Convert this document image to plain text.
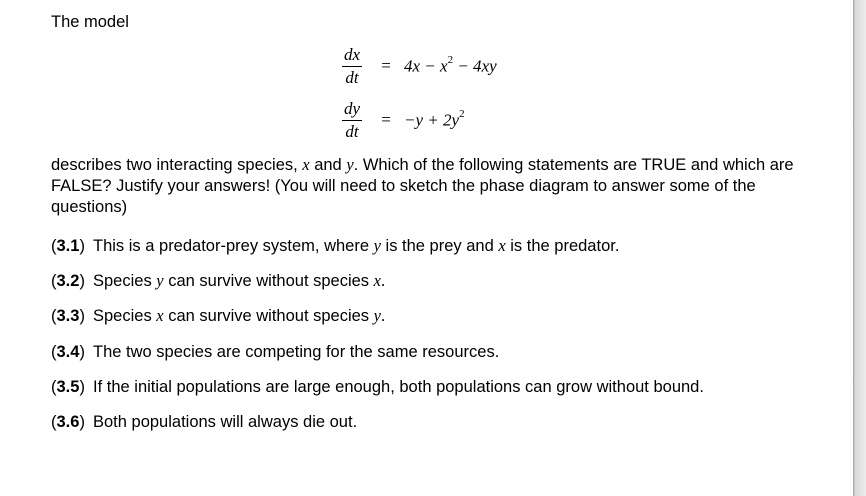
The model
$\frac{dx}{dt} = 4x - x^2 - 4xy$
$\frac{dy}{dt} = -y + 2y^2$
describes two interacting species, x and y. Which of the following statements are TRUE and which are FALSE? Justify your answers! (You will need to sketch the phase diagram to answer some of the questions)
(3.1) This is a predator-prey system, where y is the prey and x is the predator.
(3.2) Species y can survive without species x.
(3.3) Species x can survive without species y.
(3.4) The two species are competing for the same resources.
(3.5) If the initial populations are large enough, both populations can grow without bound.
(3.6) Both populations will always die out.
